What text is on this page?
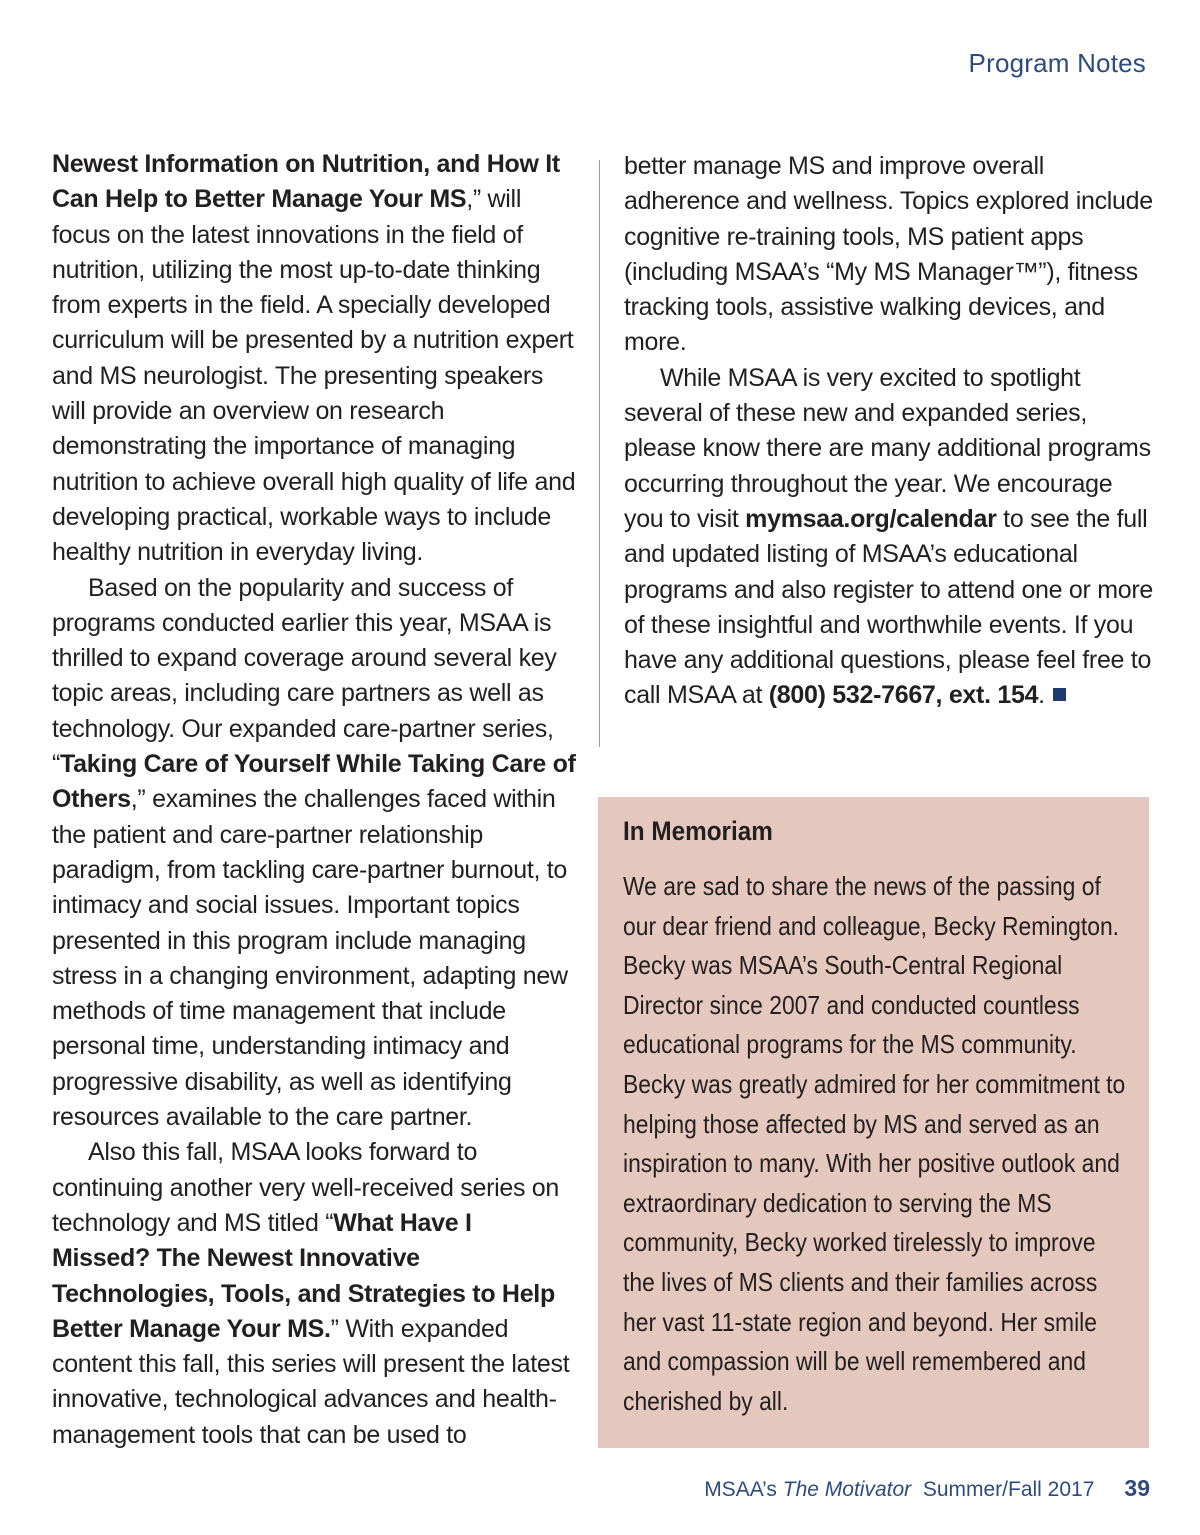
Program Notes

Newest Information on Nutrition, and How It Can Help to Better Manage Your MS,” will focus on the latest innovations in the field of nutrition, utilizing the most up-to-date thinking from experts in the field. A specially developed curriculum will be presented by a nutrition expert and MS neurologist. The presenting speakers will provide an overview on research demonstrating the importance of managing nutrition to achieve overall high quality of life and developing practical, workable ways to include healthy nutrition in everyday living.

Based on the popularity and success of programs conducted earlier this year, MSAA is thrilled to expand coverage around several key topic areas, including care partners as well as technology. Our expanded care-partner series, “Taking Care of Yourself While Taking Care of Others,” examines the challenges faced within the patient and care-partner relationship paradigm, from tackling care-partner burnout, to intimacy and social issues. Important topics presented in this program include managing stress in a changing environment, adapting new methods of time management that include personal time, understanding intimacy and progressive disability, as well as identifying resources available to the care partner.

Also this fall, MSAA looks forward to continuing another very well-received series on technology and MS titled “What Have I Missed? The Newest Innovative Technologies, Tools, and Strategies to Help Better Manage Your MS.” With expanded content this fall, this series will present the latest innovative, technological advances and health-management tools that can be used to

better manage MS and improve overall adherence and wellness. Topics explored include cognitive re-training tools, MS patient apps (including MSAA’s “My MS Manager™”), fitness tracking tools, assistive walking devices, and more.

While MSAA is very excited to spotlight several of these new and expanded series, please know there are many additional programs occurring throughout the year. We encourage you to visit mymsaa.org/calendar to see the full and updated listing of MSAA’s educational programs and also register to attend one or more of these insightful and worthwhile events. If you have any additional questions, please feel free to call MSAA at (800) 532-7667, ext. 154.

In Memoriam

We are sad to share the news of the passing of our dear friend and colleague, Becky Remington. Becky was MSAA’s South-Central Regional Director since 2007 and conducted countless educational programs for the MS community. Becky was greatly admired for her commitment to helping those affected by MS and served as an inspiration to many. With her positive outlook and extraordinary dedication to serving the MS community, Becky worked tirelessly to improve the lives of MS clients and their families across her vast 11-state region and beyond. Her smile and compassion will be well remembered and cherished by all.

MSAA’s The Motivator Summer/Fall 2017 39
